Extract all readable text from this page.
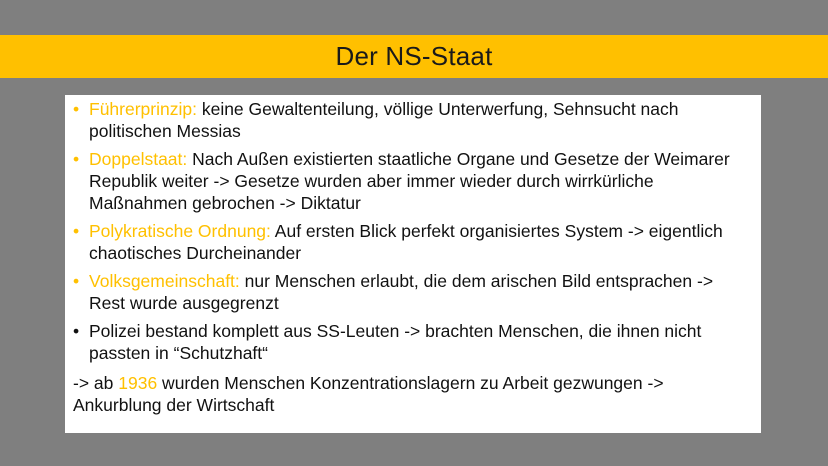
Der NS-Staat
• Führerprinzip: keine Gewaltenteilung, völlige Unterwerfung, Sehnsucht nach politischen Messias
• Doppelstaat: Nach Außen existierten staatliche Organe und Gesetze der Weimarer Republik weiter -> Gesetze wurden aber immer wieder durch wirrkürliche Maßnahmen gebrochen -> Diktatur
• Polykratische Ordnung: Auf ersten Blick perfekt organisiertes System -> eigentlich chaotisches Durcheinander
• Volksgemeinschaft: nur Menschen erlaubt, die dem arischen Bild entsprachen -> Rest wurde ausgegrenzt
• Polizei bestand komplett aus SS-Leuten -> brachten Menschen, die ihnen nicht passten in “Schutzhaft“
-> ab 1936 wurden Menschen Konzentrationslagern zu Arbeit gezwungen -> Ankurblung der Wirtschaft
